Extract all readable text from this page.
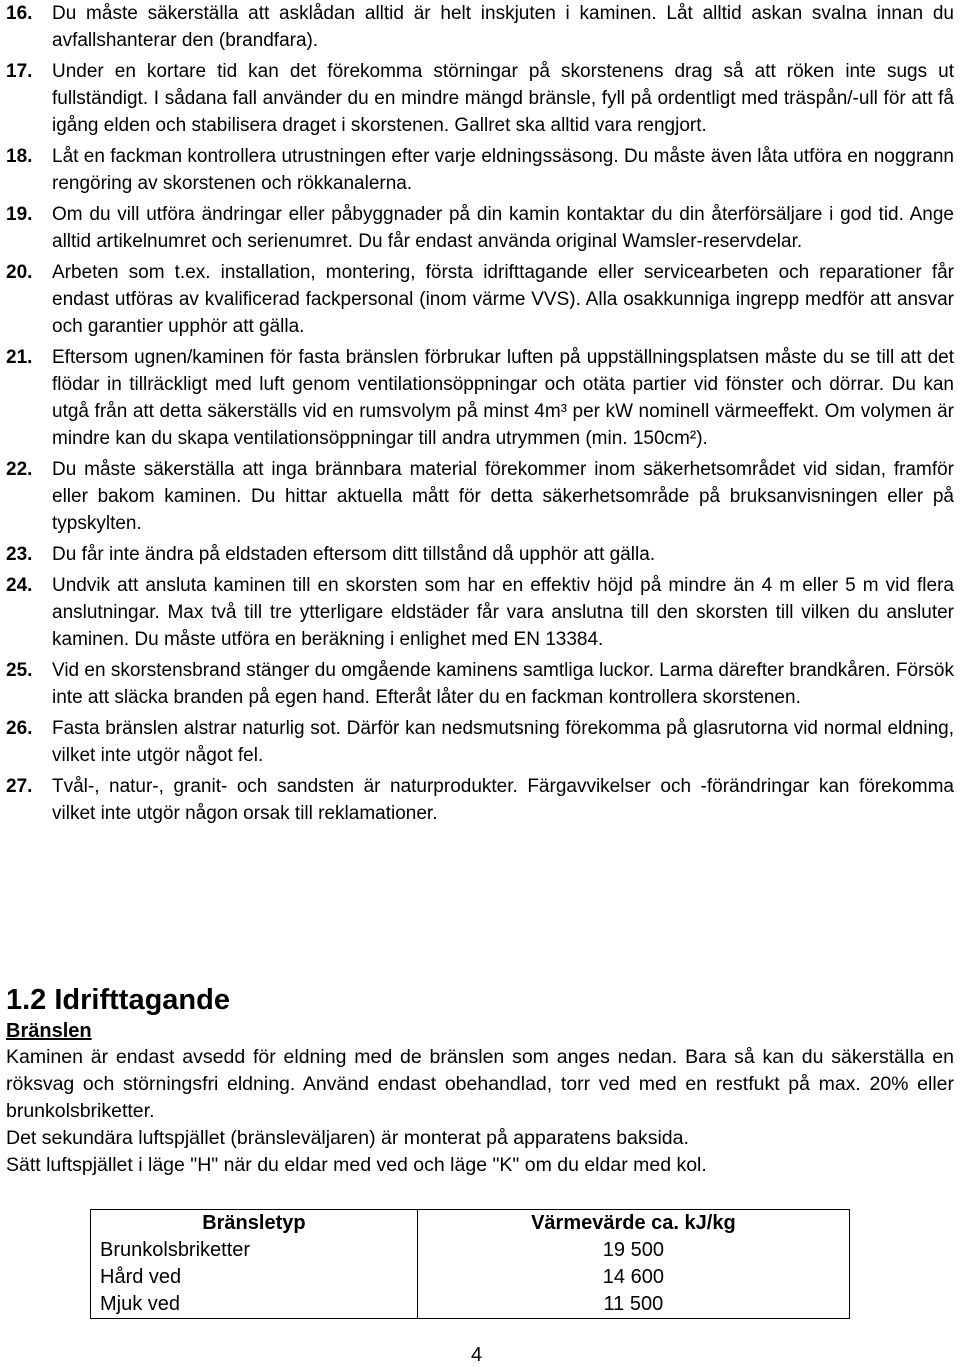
16.	Du måste säkerställa att asklådan alltid är helt inskjuten i kaminen. Låt alltid askan svalna innan du avfallshanterar den (brandfara).
17.	Under en kortare tid kan det förekomma störningar på skorstenens drag så att röken inte sugs ut fullständigt. I sådana fall använder du en mindre mängd bränsle, fyll på ordentligt med träspån/-ull för att få igång elden och stabilisera draget i skorstenen. Gallret ska alltid vara rengjort.
18.	Låt en fackman kontrollera utrustningen efter varje eldningssäsong. Du måste även låta utföra en noggrann rengöring av skorstenen och rökkanalerna.
19.	Om du vill utföra ändringar eller påbyggnader på din kamin kontaktar du din återförsäljare i god tid. Ange alltid artikelnumret och serienumret. Du får endast använda original Wamsler-reservdelar.
20.	Arbeten som t.ex. installation, montering, första idrifttagande eller servicearbeten och reparationer får endast utföras av kvalificerad fackpersonal (inom värme VVS). Alla osakkunniga ingrepp medför att ansvar och garantier upphör att gälla.
21.	Eftersom ugnen/kaminen för fasta bränslen förbrukar luften på uppställningsplatsen måste du se till att det flödar in tillräckligt med luft genom ventilationsöppningar och otäta partier vid fönster och dörrar. Du kan utgå från att detta säkerställs vid en rumsvolym på minst 4m³ per kW nominell värmeeffekt. Om volymen är mindre kan du skapa ventilationsöppningar till andra utrymmen (min. 150cm²).
22.	Du måste säkerställa att inga brännbara material förekommer inom säkerhetsområdet vid sidan, framför eller bakom kaminen. Du hittar aktuella mått för detta säkerhetsområde på bruksanvisningen eller på typskylten.
23.	Du får inte ändra på eldstaden eftersom ditt tillstånd då upphör att gälla.
24.	Undvik att ansluta kaminen till en skorsten som har en effektiv höjd på mindre än 4 m eller 5 m vid flera anslutningar. Max två till tre ytterligare eldstäder får vara anslutna till den skorsten till vilken du ansluter kaminen. Du måste utföra en beräkning i enlighet med EN 13384.
25.	Vid en skorstensbrand stänger du omgående kaminens samtliga luckor. Larma därefter brandkåren. Försök inte att släcka branden på egen hand. Efteråt låter du en fackman kontrollera skorstenen.
26.	Fasta bränslen alstrar naturlig sot. Därför kan nedsmutsning förekomma på glasrutorna vid normal eldning, vilket inte utgör något fel.
27.	Tvål-, natur-, granit- och sandsten är naturprodukter. Färgavvikelser och -förändringar kan förekomma vilket inte utgör någon orsak till reklamationer.
1.2 Idrifttagande
Bränslen

Kaminen är endast avsedd för eldning med de bränslen som anges nedan. Bara så kan du säkerställa en röksvag och störningsfri eldning. Använd endast obehandlad, torr ved med en restfukt på max. 20% eller brunkolsbriketter.

Det sekundära luftspjället (bränsleväljaren) är monterat på apparatens baksida.

Sätt luftspjället i läge "H" när du eldar med ved och läge "K" om du eldar med kol.

Bränsletyp	Värmevärde ca. kJ/kg
Brunkolsbriketter	19 500
Hård ved	14 600
Mjuk ved	11 500
4
